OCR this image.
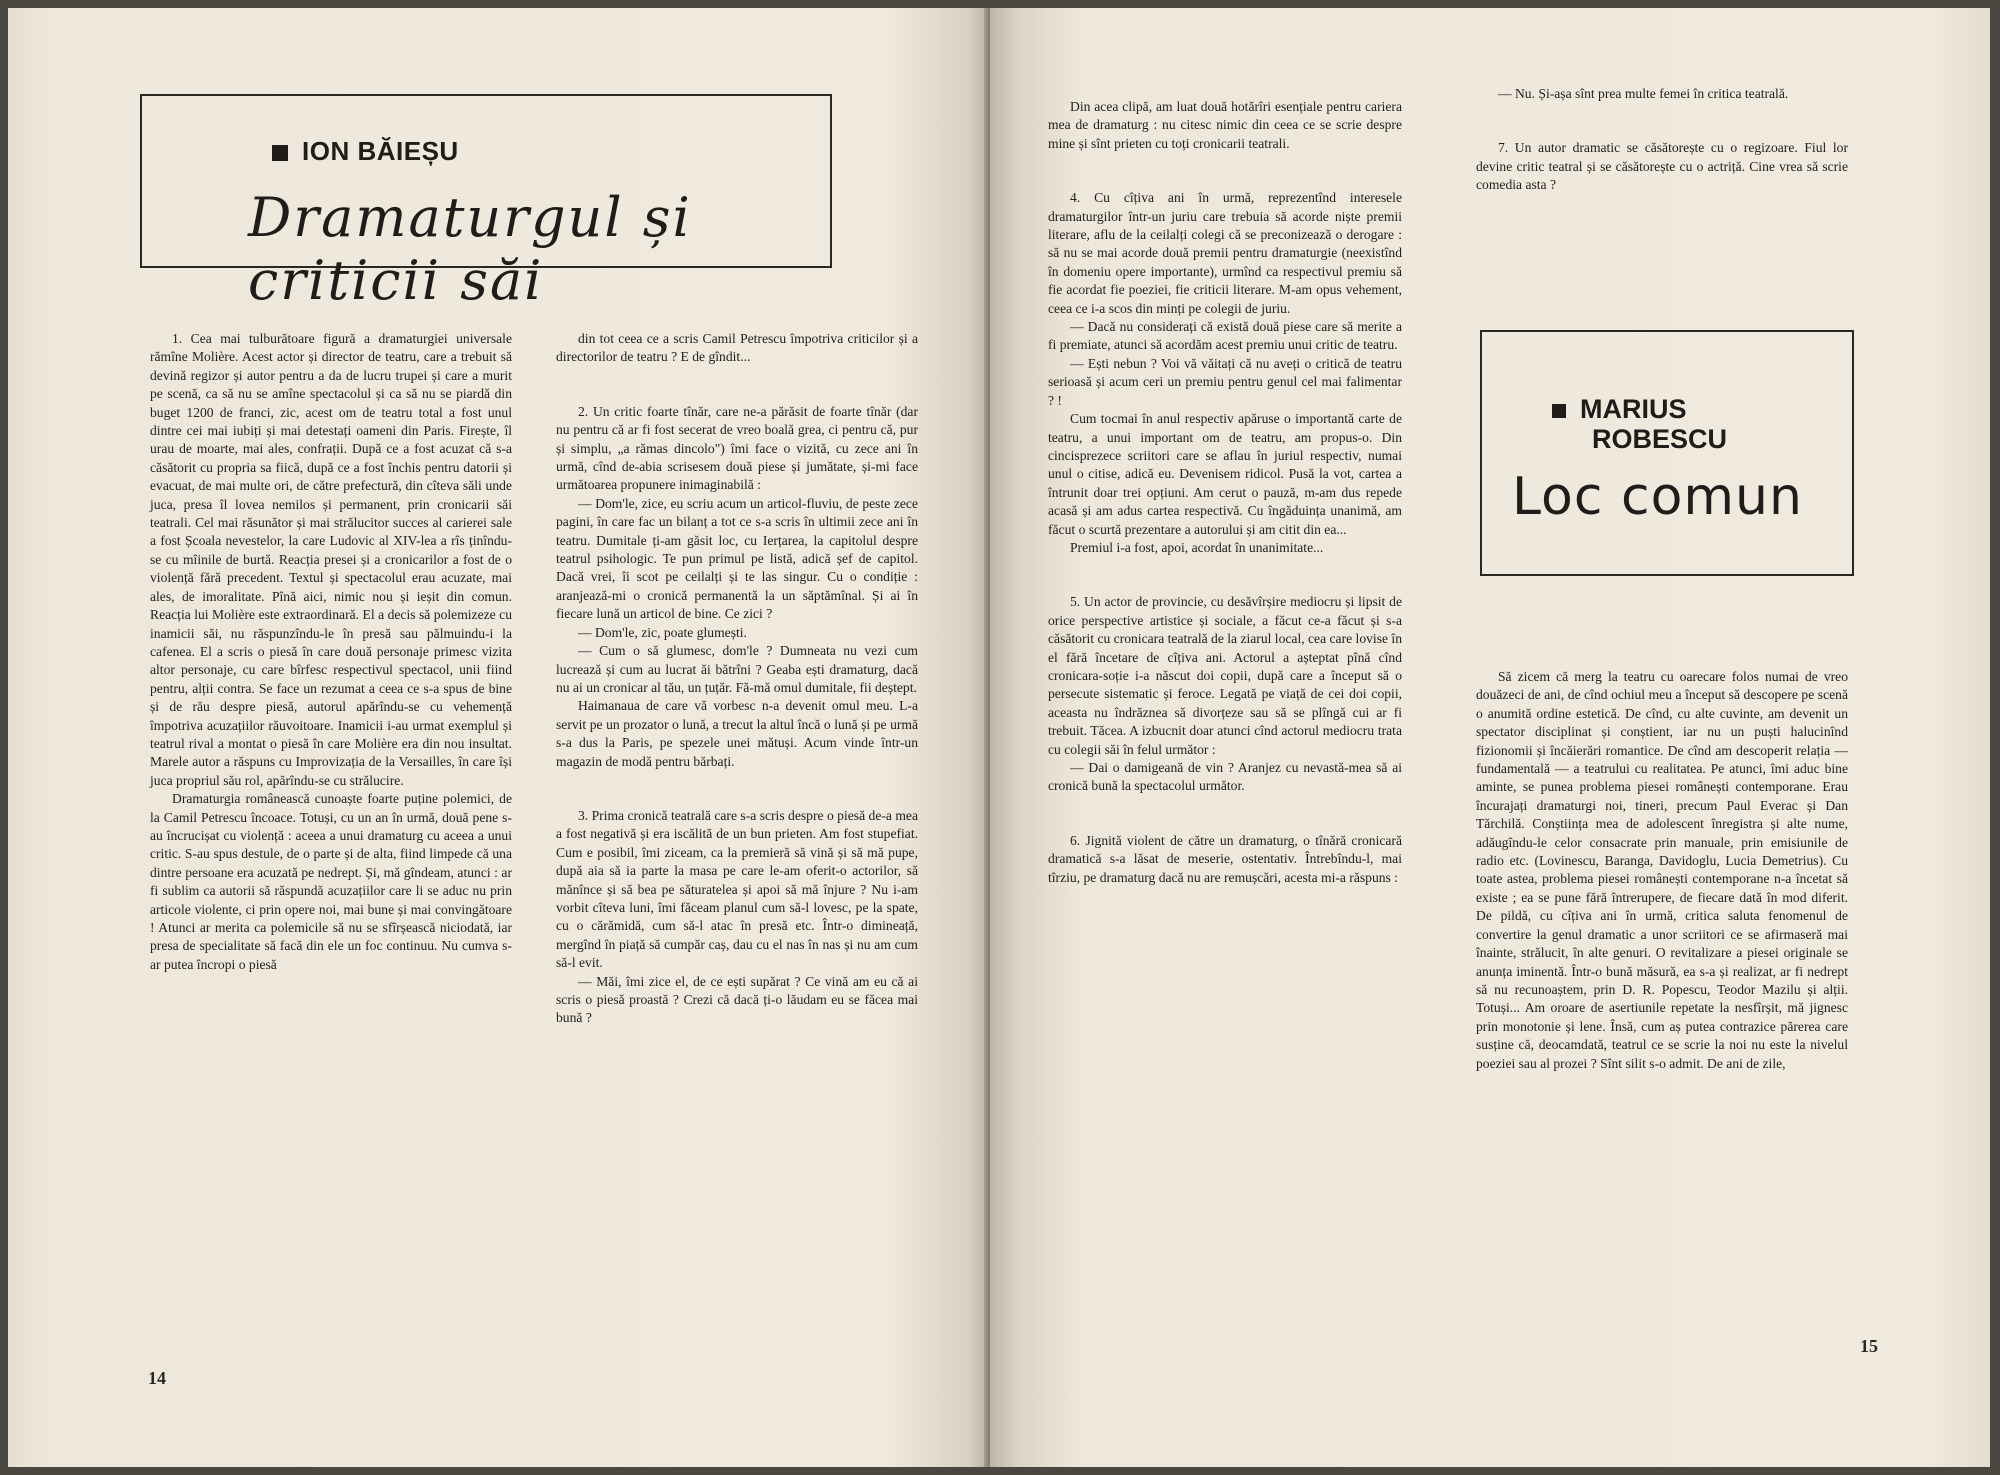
ION BĂIEȘU
Dramaturgul și criticii săi

1. Cea mai tulburătoare figură a dramaturgiei universale rămîne Molière. Acest actor și director de teatru, care a trebuit să devină regizor și autor pentru a da de lucru trupei și care a murit pe scenă, ca să nu se amîne spectacolul și ca să nu se piardă din buget 1200 de franci, zic, acest om de teatru total a fost unul dintre cei mai iubiți și mai detestați oameni din Paris. Firește, îl urau de moarte, mai ales, confrații. După ce a fost acuzat că s-a căsătorit cu propria sa fiică, după ce a fost închis pentru datorii și evacuat, de mai multe ori, de către prefectură, din cîteva săli unde juca, presa îl lovea nemilos și permanent, prin cronicarii săi teatrali. Cel mai răsunător și mai strălucitor succes al carierei sale a fost Școala nevestelor, la care Ludovic al XIV-lea a rîs ținîndu-se cu mîinile de burtă. Reacția presei și a cronicarilor a fost de o violență fără precedent. Textul și spectacolul erau acuzate, mai ales, de imoralitate. Pînă aici, nimic nou și ieșit din comun. Reacția lui Molière este extraordinară. El a decis să polemizeze cu inamicii săi, nu răspunzîndu-le în presă sau pălmuindu-i la cafenea. El a scris o piesă în care două personaje primesc vizita altor personaje, cu care bîrfesc respectivul spectacol, unii fiind pentru, alții contra. Se face un rezumat a ceea ce s-a spus de bine și de rău despre piesă, autorul apărîndu-se cu vehemență împotriva acuzațiilor răuvoitoare. Inamicii i-au urmat exemplul și teatrul rival a montat o piesă în care Molière era din nou insultat. Marele autor a răspuns cu Improvizația de la Versailles, în care își juca propriul său rol, apărîndu-se cu strălucire.

Dramaturgia românească cunoaște foarte puține polemici, de la Camil Petrescu încoace. Totuși, cu un an în urmă, două pene s-au încrucișat cu violență : aceea a unui dramaturg cu aceea a unui critic. S-au spus destule, de o parte și de alta, fiind limpede că una dintre persoane era acuzată pe nedrept. Și, mă gîndeam, atunci : ar fi sublim ca autorii să răspundă acuzațiilor care li se aduc nu prin articole violente, ci prin opere noi, mai bune și mai convingătoare ! Atunci ar merita ca polemicile să nu se sfîrșească niciodată, iar presa de specialitate să facă din ele un foc continuu. Nu cumva s-ar putea încropi o piesă

din tot ceea ce a scris Camil Petrescu împotriva criticilor și a directorilor de teatru ? E de gîndit...

2. Un critic foarte tînăr, care ne-a părăsit de foarte tînăr (dar nu pentru că ar fi fost secerat de vreo boală grea, ci pentru că, pur și simplu, „a rămas dincolo") îmi face o vizită, cu zece ani în urmă, cînd de-abia scrisesem două piese și jumătate, și-mi face următoarea propunere inimaginabilă :

— Dom'le, zice, eu scriu acum un articol-fluviu, de peste zece pagini, în care fac un bilanț a tot ce s-a scris în ultimii zece ani în teatru. Dumitale ți-am găsit loc, cu Ierțarea, la capitolul despre teatrul psihologic. Te pun primul pe listă, adică șef de capitol. Dacă vrei, îi scot pe ceilalți și te las singur. Cu o condiție : aranjează-mi o cronică permanentă la un săptămînal. Și ai în fiecare lună un articol de bine. Ce zici ?

— Dom'le, zic, poate glumești.

— Cum o să glumesc, dom'le ? Dumneata nu vezi cum lucrează și cum au lucrat ăi bătrîni ? Geaba ești dramaturg, dacă nu ai un cronicar al tău, un țuțăr. Fă-mă omul dumitale, fii deștept.

Haimanaua de care vă vorbesc n-a devenit omul meu. L-a servit pe un prozator o lună, a trecut la altul încă o lună și pe urmă s-a dus la Paris, pe spezele unei mătuși. Acum vinde într-un magazin de modă pentru bărbați.

3. Prima cronică teatrală care s-a scris despre o piesă de-a mea a fost negativă și era iscălită de un bun prieten. Am fost stupefiat. Cum e posibil, îmi ziceam, ca la premieră să vină și să mă pupe, după aia să ia parte la masa pe care le-am oferit-o actorilor, să mănînce și să bea pe săturatelea și apoi să mă înjure ? Nu i-am vorbit cîteva luni, îmi făceam planul cum să-l lovesc, pe la spate, cu o cărămidă, cum să-l atac în presă etc. Într-o dimineață, mergînd în piață să cumpăr caș, dau cu el nas în nas și nu am cum să-l evit.

— Măi, îmi zice el, de ce ești supărat ? Ce vină am eu că ai scris o piesă proastă ? Crezi că dacă ți-o lăudam eu se făcea mai bună ?

14

Din acea clipă, am luat două hotărîri esențiale pentru cariera mea de dramaturg : nu citesc nimic din ceea ce se scrie despre mine și sînt prieten cu toți cronicarii teatrali.

4. Cu cîțiva ani în urmă, reprezentînd interesele dramaturgilor într-un juriu care trebuia să acorde niște premii literare, aflu de la ceilalți colegi că se preconizează o derogare : să nu se mai acorde două premii pentru dramaturgie (neexistînd în domeniu opere importante), urmînd ca respectivul premiu să fie acordat fie poeziei, fie criticii literare. M-am opus vehement, ceea ce i-a scos din minți pe colegii de juriu.

— Dacă nu considerați că există două piese care să merite a fi premiate, atunci să acordăm acest premiu unui critic de teatru.

— Ești nebun ? Voi vă văitați că nu aveți o critică de teatru serioasă și acum ceri un premiu pentru genul cel mai falimentar ? !

Cum tocmai în anul respectiv apăruse o importantă carte de teatru, a unui important om de teatru, am propus-o. Din cincisprezece scriitori care se aflau în juriul respectiv, numai unul o citise, adică eu. Devenisem ridicol. Pusă la vot, cartea a întrunit doar trei opțiuni. Am cerut o pauză, m-am dus repede acasă și am adus cartea respectivă. Cu îngăduința unanimă, am făcut o scurtă prezentare a autorului și am citit din ea...

Premiul i-a fost, apoi, acordat în unanimitate...

5. Un actor de provincie, cu desăvîrșire mediocru și lipsit de orice perspective artistice și sociale, a făcut ce-a făcut și s-a căsătorit cu cronicara teatrală de la ziarul local, cea care lovise în el fără încetare de cîțiva ani. Actorul a așteptat pînă cînd cronicara-soție i-a născut doi copii, după care a început să o persecute sistematic și feroce. Legată pe viață de cei doi copii, aceasta nu îndrăznea să divorțeze sau să se plîngă cui ar fi trebuit. Tăcea. A izbucnit doar atunci cînd actorul mediocru trata cu colegii săi în felul următor :

— Dai o damigeană de vin ? Aranjez cu nevastă-mea să ai cronică bună la spectacolul următor.

6. Jignită violent de către un dramaturg, o tînără cronicară dramatică s-a lăsat de meserie, ostentativ. Întrebîndu-l, mai tîrziu, pe dramaturg dacă nu are remușcări, acesta mi-a răspuns :

— Nu. Și-așa sînt prea multe femei în critica teatrală.

7. Un autor dramatic se căsătorește cu o regizoare. Fiul lor devine critic teatral și se căsătorește cu o actriță. Cine vrea să scrie comedia asta ?

MARIUS
ROBESCU
Loc comun

Să zicem că merg la teatru cu oarecare folos numai de vreo douăzeci de ani, de cînd ochiul meu a început să descopere pe scenă o anumită ordine estetică. De cînd, cu alte cuvinte, am devenit un spectator disciplinat și conștient, iar nu un puști halucinînd fizionomii și încăierări romantice. De cînd am descoperit relația — fundamentală — a teatrului cu realitatea. Pe atunci, îmi aduc bine aminte, se punea problema piesei românești contemporane. Erau încurajați dramaturgi noi, tineri, precum Paul Everac și Dan Tărchilă. Conștiința mea de adolescent înregistra și alte nume, adăugîndu-le celor consacrate prin manuale, prin emisiunile de radio etc. (Lovinescu, Baranga, Davidoglu, Lucia Demetrius). Cu toate astea, problema piesei românești contemporane n-a încetat să existe ; ea se pune fără întrerupere, de fiecare dată în mod diferit. De pildă, cu cîțiva ani în urmă, critica saluta fenomenul de convertire la genul dramatic a unor scriitori ce se afirmaseră mai înainte, strălucit, în alte genuri. O revitalizare a piesei originale se anunța iminentă. Într-o bună măsură, ea s-a și realizat, ar fi nedrept să nu recunoaștem, prin D. R. Popescu, Teodor Mazilu și alții. Totuși... Am oroare de asertiunile repetate la nesfîrșit, mă jignesc prin monotonie și lene. Însă, cum aș putea contrazice părerea care susține că, deocamdată, teatrul ce se scrie la noi nu este la nivelul poeziei sau al prozei ? Sînt silit s-o admit. De ani de zile,

15
